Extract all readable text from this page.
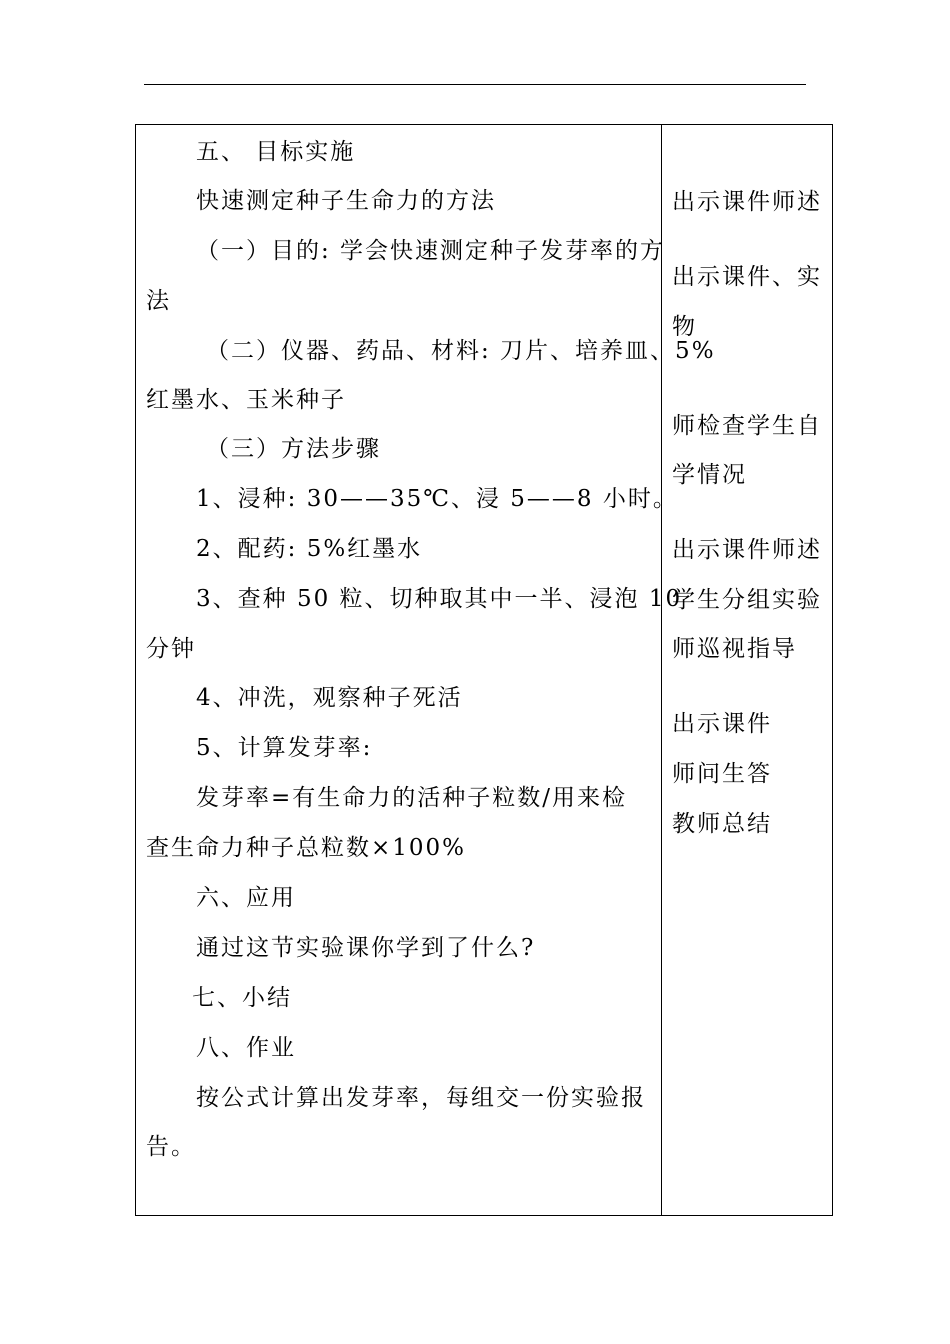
五、 目标实施
快速测定种子生命力的方法
（一）目的: 学会快速测定种子发芽率的方
法
（二）仪器、药品、材料: 刀片、培养皿、5%
红墨水、玉米种子
（三）方法步骤
1、浸种: 30——35℃、浸 5——8 小时。
2、配药: 5%红墨水
3、查种 50 粒、切种取其中一半、浸泡 10
分钟
4、冲洗，观察种子死活
5、计算发芽率:
发芽率=有生命力的活种子粒数/用来检
查生命力种子总粒数×100%
六、应用
通过这节实验课你学到了什么?
七、小结
八、作业
按公式计算出发芽率，每组交一份实验报
告。
出示课件师述
出示课件、实
物
师检查学生自
学情况
出示课件师述
学生分组实验
师巡视指导
出示课件
师问生答
教师总结
